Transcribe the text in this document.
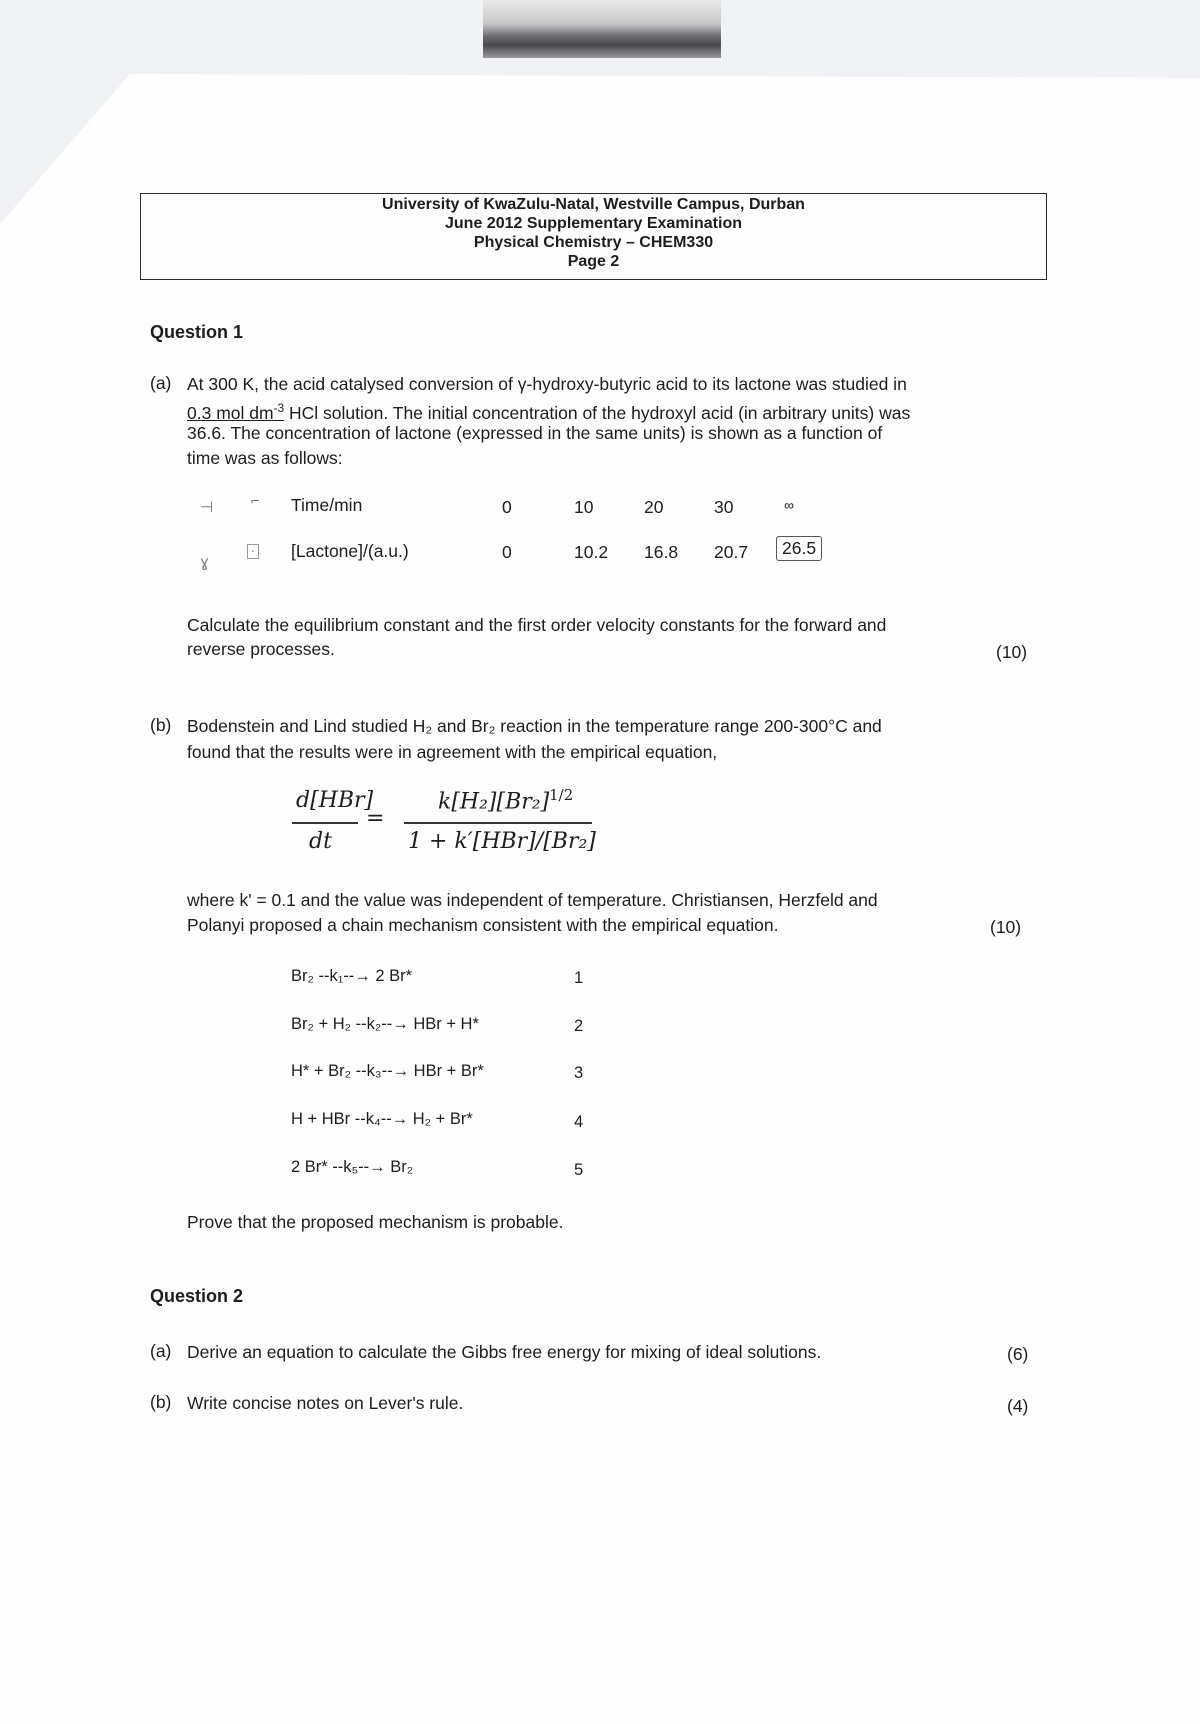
University of KwaZulu-Natal, Westville Campus, Durban
June 2012 Supplementary Examination
Physical Chemistry – CHEM330
Page 2
Question 1
(a) At 300 K, the acid catalysed conversion of γ-hydroxy-butyric acid to its lactone was studied in
0.3 mol $dm^{-3}$ HCl solution. The initial concentration of the hydroxyl acid (in arbitrary units) was
36.6. The concentration of lactone (expressed in the same units) is shown as a function of
time was as follows:
⊣	⌐
ɣ
·
Time/min	0	10	20	30	∞
[Lactone]/(a.u.)	0	10.2 16.8 20.7	26.5
Calculate the equilibrium constant and the first order velocity constants for the forward and
reverse processes.	(10)
(b) Bodenstein and Lind studied H₂ and Br₂ reaction in the temperature range 200-300°C and
found that the results were in agreement with the empirical equation,
d[HBr]
dt
=
$k[H_2][Br_2]^{1/2}$
1 + k′[HBr]/[Br₂]
where k' = 0.1 and the value was independent of temperature. Christiansen, Herzfeld and
Polanyi proposed a chain mechanism consistent with the empirical equation.	(10)
Br₂ --k₁--→ 2 Br*	1
Br₂ + H₂ --k₂--→ HBr + H*	2
H* + Br₂ --k₃--→ HBr + Br*	3
H + HBr --k₄--→ H₂ + Br*	4
2 Br* --k₅--→ Br₂	5
Prove that the proposed mechanism is probable.
Question 2
(a) Derive an equation to calculate the Gibbs free energy for mixing of ideal solutions.	(6)
(b) Write concise notes on Lever's rule.	(4)
